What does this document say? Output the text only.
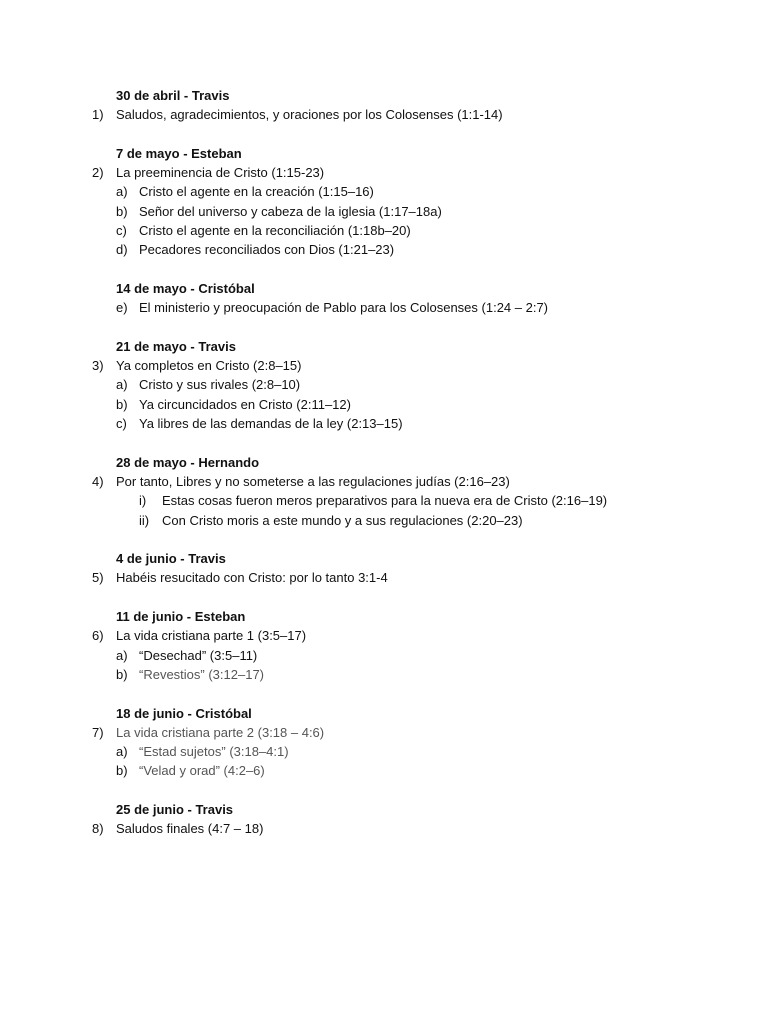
30 de abril - Travis
1) Saludos, agradecimientos, y oraciones por los Colosenses (1:1-14)
7 de mayo - Esteban
2) La preeminencia de Cristo (1:15-23)
a) Cristo el agente en la creación (1:15–16)
b) Señor del universo y cabeza de la iglesia (1:17–18a)
c) Cristo el agente en la reconciliación (1:18b–20)
d) Pecadores reconciliados con Dios (1:21–23)
14 de mayo - Cristóbal
e) El ministerio y preocupación de Pablo para los Colosenses (1:24 – 2:7)
21 de mayo - Travis
3) Ya completos en Cristo (2:8–15)
a) Cristo y sus rivales (2:8–10)
b) Ya circuncidados en Cristo (2:11–12)
c) Ya libres de las demandas de la ley (2:13–15)
28 de mayo - Hernando
4) Por tanto, Libres y no someterse a las regulaciones judías (2:16–23)
i) Estas cosas fueron meros preparativos para la nueva era de Cristo (2:16–19)
ii) Con Cristo moris a este mundo y a sus regulaciones (2:20–23)
4 de junio - Travis
5) Habéis resucitado con Cristo: por lo tanto 3:1-4
11 de junio - Esteban
6) La vida cristiana parte 1 (3:5–17)
a) “Desechad” (3:5–11)
b) “Revestios” (3:12–17)
18 de junio - Cristóbal
7) La vida cristiana parte 2 (3:18 – 4:6)
a) “Estad sujetos” (3:18–4:1)
b) “Velad y orad” (4:2–6)
25 de junio - Travis
8) Saludos finales (4:7 – 18)
